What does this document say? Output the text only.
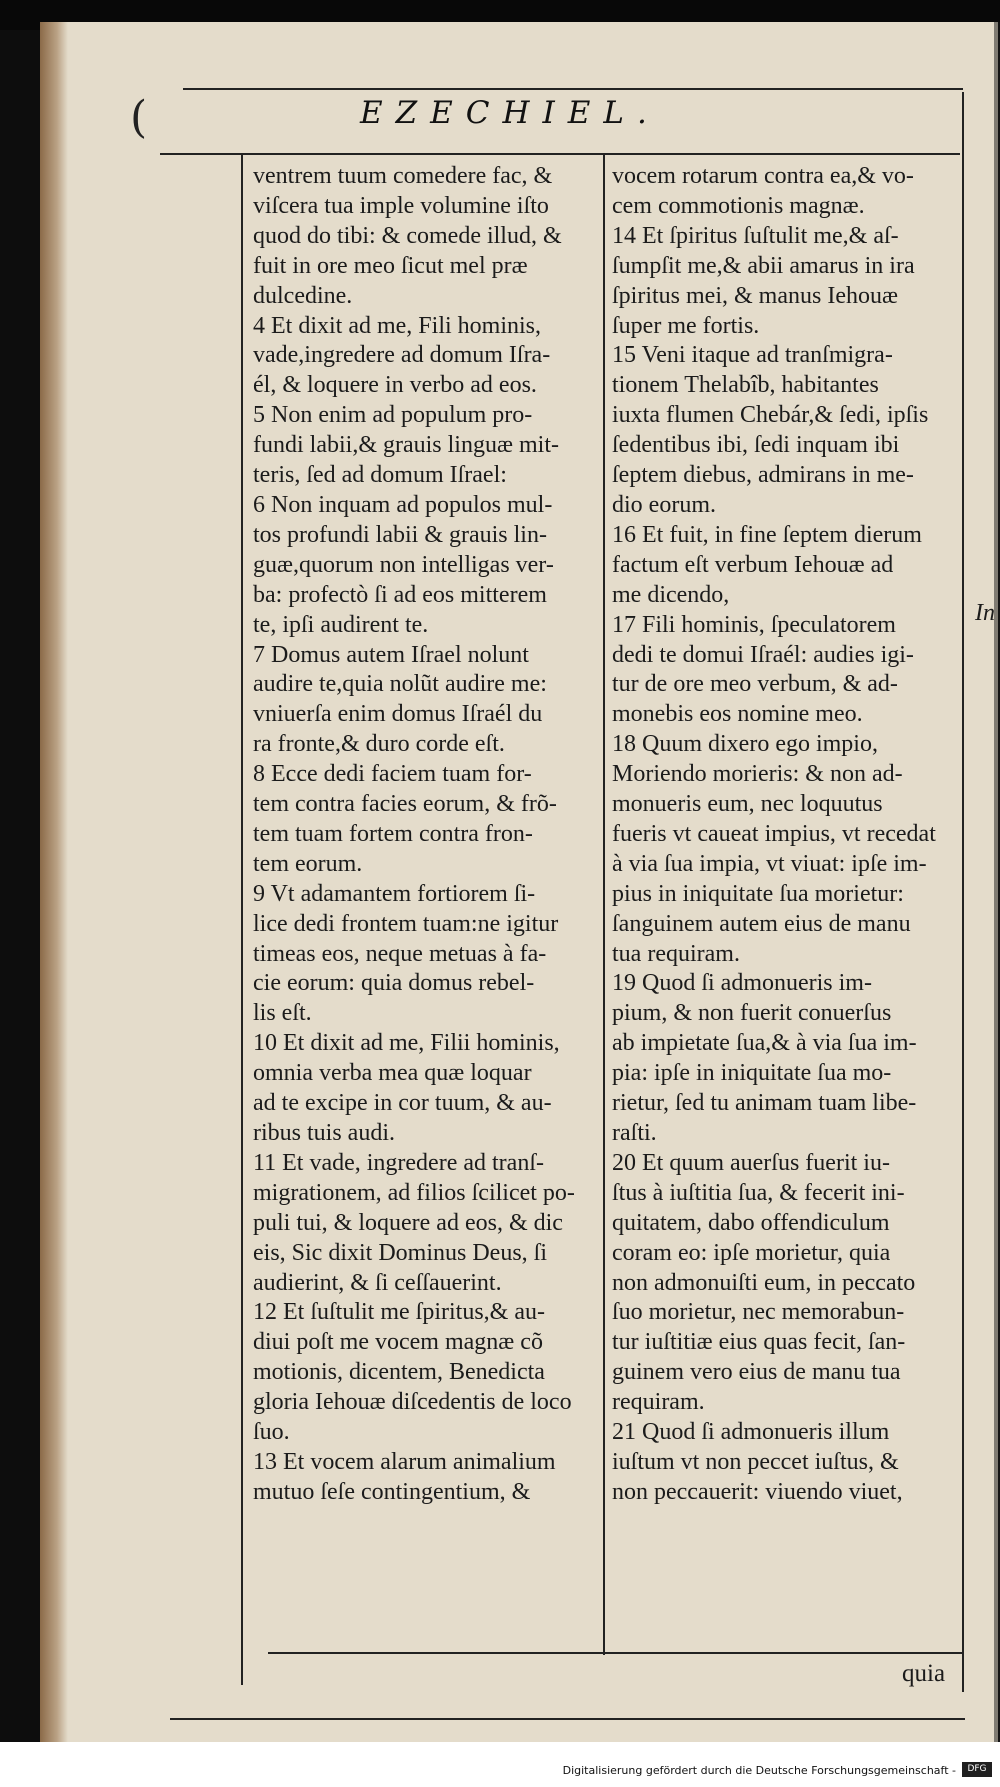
(	EZECHIEL.

ventrem tuum comedere fac, &

viſcera tua imple volumine iſto

quod do tibi: & comede illud, &

fuit in ore meo ſicut mel præ

dulcedine.

4 Et dixit ad me, Fili hominis,

vade,ingredere ad domum Iſra-

él, & loquere in verbo ad eos.

5 Non enim ad populum pro-

fundi labii,& grauis linguæ mit-

teris, ſed ad domum Iſrael:

6 Non inquam ad populos mul-

tos profundi labii & grauis lin-

guæ,quorum non intelligas ver-

ba: profectò ſi ad eos mitterem

te, ipſi audirent te.

7 Domus autem Iſrael nolunt

audire te,quia nolũt audire me:

vniuerſa enim domus Iſraél du

ra fronte,& duro corde eſt.

8 Ecce dedi faciem tuam for-

tem contra facies eorum, & frõ-

tem tuam fortem contra fron-

tem eorum.

9 Vt adamantem fortiorem ſi-

lice dedi frontem tuam:ne igitur

timeas eos, neque metuas à fa-

cie eorum: quia domus rebel-

lis eſt.

10 Et dixit ad me, Filii hominis,

omnia verba mea quæ loquar

ad te excipe in cor tuum, & au-

ribus tuis audi.

11 Et vade, ingredere ad tranſ-

migrationem, ad filios ſcilicet po-

puli tui, & loquere ad eos, & dic

eis, Sic dixit Dominus Deus, ſi

audierint, & ſi ceſſauerint.

12 Et ſuſtulit me ſpiritus,& au-

diui poſt me vocem magnæ cõ

motionis, dicentem, Benedicta

gloria Iehouæ diſcedentis de loco

ſuo.

13 Et vocem alarum animalium

mutuo ſeſe contingentium, &

vocem rotarum contra ea,& vo-

cem commotionis magnæ.

14 Et ſpiritus ſuſtulit me,& aſ-

ſumpſit me,& abii amarus in ira

ſpiritus mei, & manus Iehouæ

ſuper me fortis.

15 Veni itaque ad tranſmigra-

tionem Thelabîb, habitantes

iuxta flumen Chebár,& ſedi, ipſis

ſedentibus ibi, ſedi inquam ibi

ſeptem diebus, admirans in me-

dio eorum.

16 Et fuit, in fine ſeptem dierum

factum eſt verbum Iehouæ ad

me dicendo,

17 Fili hominis, ſpeculatorem

dedi te domui Iſraél: audies igi-

tur de ore meo verbum, & ad-

monebis eos nomine meo.

18 Quum dixero ego impio,

Moriendo morieris: & non ad-

monueris eum, nec loquutus

fueris vt caueat impius, vt recedat

à via ſua impia, vt viuat: ipſe im-

pius in iniquitate ſua morietur:

ſanguinem autem eius de manu

tua requiram.

19 Quod ſi admonueris im-

pium, & non fuerit conuerſus

ab impietate ſua,& à via ſua im-

pia: ipſe in iniquitate ſua mo-

rietur, ſed tu animam tuam libe-

raſti.

20 Et quum auerſus fuerit iu-

ſtus à iuſtitia ſua, & fecerit ini-

quitatem, dabo offendiculum

coram eo: ipſe morietur, quia

non admonuiſti eum, in peccato

ſuo morietur, nec memorabun-

tur iuſtitiæ eius quas fecit, ſan-

guinem vero eius de manu tua

requiram.

21 Quod ſi admonueris illum

iuſtum vt non peccet iuſtus, &

non peccauerit: viuendo viuet,

quia
In
Digitalisierung gefördert durch die Deutsche Forschungsgemeinschaft -	DFG
